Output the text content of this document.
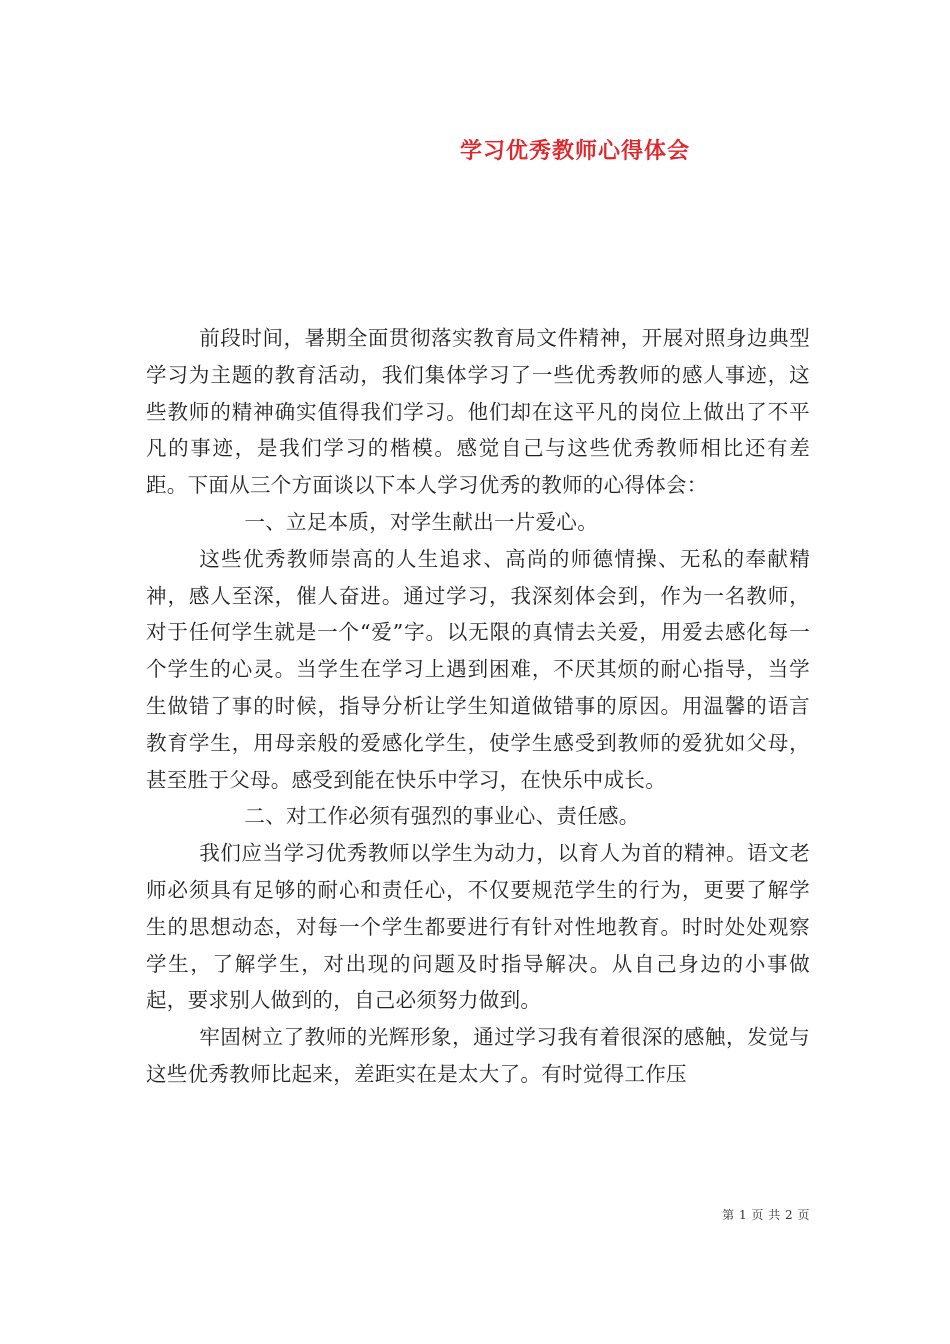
学习优秀教师心得体会

前段时间，暑期全面贯彻落实教育局文件精神，开展对照身边典型学习为主题的教育活动，我们集体学习了一些优秀教师的感人事迹，这些教师的精神确实值得我们学习。他们却在这平凡的岗位上做出了不平凡的事迹，是我们学习的楷模。感觉自己与这些优秀教师相比还有差距。下面从三个方面谈以下本人学习优秀的教师的心得体会：

一、立足本质，对学生献出一片爱心。

这些优秀教师崇高的人生追求、高尚的师德情操、无私的奉献精神，感人至深，催人奋进。通过学习，我深刻体会到，作为一名教师，对于任何学生就是一个“爱”字。以无限的真情去关爱，用爱去感化每一个学生的心灵。当学生在学习上遇到困难，不厌其烦的耐心指导，当学生做错了事的时候，指导分析让学生知道做错事的原因。用温馨的语言教育学生，用母亲般的爱感化学生，使学生感受到教师的爱犹如父母，甚至胜于父母。感受到能在快乐中学习，在快乐中成长。

二、对工作必须有强烈的事业心、责任感。

我们应当学习优秀教师以学生为动力，以育人为首的精神。语文老师必须具有足够的耐心和责任心，不仅要规范学生的行为，更要了解学生的思想动态，对每一个学生都要进行有针对性地教育。时时处处观察学生，了解学生，对出现的问题及时指导解决。从自己身边的小事做起，要求别人做到的，自己必须努力做到。

牢固树立了教师的光辉形象，通过学习我有着很深的感触，发觉与这些优秀教师比起来，差距实在是太大了。有时觉得工作压

第 1 页 共 2 页
